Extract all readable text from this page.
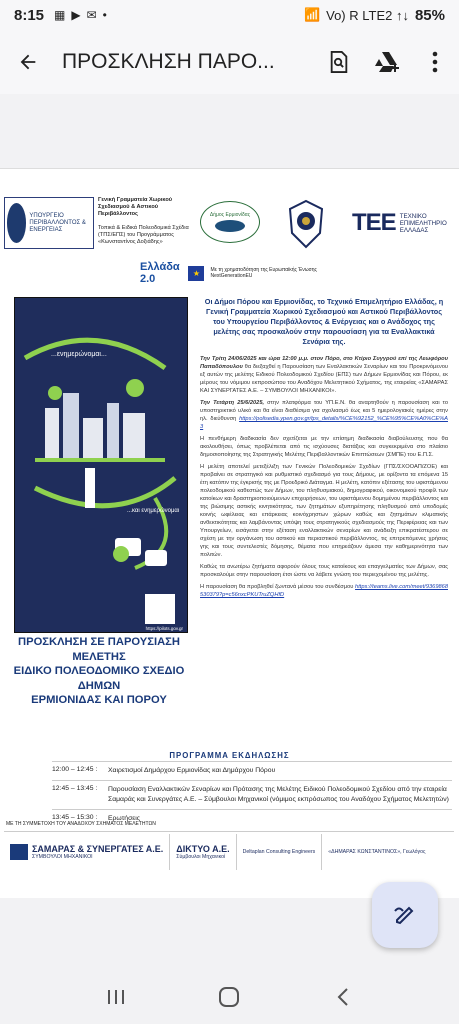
8:15 ▦ ▶ ✉ •	📶 Vo) R LTE2 ↑↓ 85%
ΠΡΟΣΚΛΗΣΗ ΠΑΡΟ...
ΥΠΟΥΡΓΕΙΟ ΠΕΡΙΒΑΛΛΟΝΤΟΣ & ΕΝΕΡΓΕΙΑΣ
Γενική Γραμματεία Χωρικού Σχεδιασμού & Αστικού Περιβάλλοντος

Τοπικά & Ειδικά Πολεοδομικά Σχέδια (ΤΠΣ/ΕΠΣ) του Προγράμματος «Κωνσταντίνος Δοξιάδης»
Δήμος Ερμιονίδας	TEE ΤΕΧΝΙΚΟ ΕΠΙΜΕΛΗΤΗΡΙΟ ΕΛΛΑΔΑΣ
Ελλάδα 2.0	★	Με τη χρηματοδότηση της Ευρωπαϊκής Ένωσης NextGenerationEU
...ενημερώνομαι...
...και ενημερώνομαι
https://pilots.gov.gr
ΠΡΟΣΚΛΗΣΗ ΣΕ ΠΑΡΟΥΣΙΑΣΗ
ΜΕΛΕΤΗΣ
ΕΙΔΙΚΟ ΠΟΛΕΟΔΟΜΙΚΟ ΣΧΕΔΙΟ
ΔΗΜΩΝ
ΕΡΜΙΟΝΙΔΑΣ ΚΑΙ ΠΟΡΟΥ
Οι Δήμοι Πόρου και Ερμιονίδας, το Τεχνικό Επιμελητήριο Ελλάδας, η Γενική Γραμματεία Χωρικού Σχεδιασμού και Αστικού Περιβάλλοντος του Υπουργείου Περιβάλλοντος & Ενέργειας και ο Ανάδοχος της μελέτης σας προσκαλούν στην παρουσίαση για τα Εναλλακτικά Σενάρια της.

Την Τρίτη 24/06/2025 και ώρα 12:00 μ.μ. στον Πόρο, στο Κτίριο Συγγρού επί της Λεωφόρου Παπαδόπουλου θα διεξαχθεί η Παρουσίαση των Εναλλακτικών Σεναρίων και του Προκρινόμενου εξ αυτών της μελέτης Ειδικού Πολεοδομικού Σχεδίου (ΕΠΣ) των Δήμων Ερμιονίδας και Πόρου, εκ μέρους του νόμιμου εκπροσώπου του Αναδόχου Μελετητικού Σχήματος, της εταιρείας «ΣΑΜΑΡΑΣ ΚΑΙ ΣΥΝΕΡΓΑΤΕΣ Α.Ε. – ΣΥΜΒΟΥΛΟΙ ΜΗΧΑΝΙΚΟΙ».

Την Τετάρτη 25/6/2025, στην πλατφόρμα του ΥΠ.Ε.Ν. θα αναρτηθούν η παρουσίαση και το υποστηρικτικό υλικό και θα είναι διαθέσιμα για σχολιασμό έως και 5 ημερολογιακές ημέρες στην ηλ. διεύθυνση https://polisedia.ypen.gov.gr/tps_details/%CE%92152_%CE%95%CE%A0%CE%A3

Η πενθήμερη διαδικασία δεν σχετίζεται με την επίσημη διαδικασία διαβούλευσης που θα ακολουθήσει, όπως προβλέπεται από τις ισχύουσες διατάξεις και συγκεκριμένα στο πλαίσιο δημοσιοποίησης της Στρατηγικής Μελέτης Περιβαλλοντικών Επιπτώσεων (ΣΜΠΕ) του Ε.Π.Σ.

Η μελέτη αποτελεί μετεξέλιξη των Γενικών Πολεοδομικών Σχεδίων (ΓΠΣ/ΣΧΟΟΑΠ/ΖΟΕ) και προβαίνει σε στρατηγικό και ρυθμιστικό σχεδιασμό για τους Δήμους, με ορίζοντα τα επόμενα 15 έτη κατόπιν της έγκρισής της με Προεδρικό Διάταγμα. Η μελέτη, κατόπιν εξέτασης του υφιστάμενου πολεοδομικού καθεστώς των Δήμων, του πληθυσμιακού, δημογραφικού, οικονομικού προφίλ των κατοίκων και δραστηριοποιούμενων επιχειρήσεων, του υφιστάμενου δομημένου περιβάλλοντος και της βιώσιμης αστικής κινητικότητας, των ζητημάτων εξυπηρέτησης πληθυσμού από υποδομές κοινής ωφέλειας και επάρκειας κοινόχρηστων χώρων καθώς και ζητημάτων κλιματικής ανθεκτικότητας και λαμβάνοντας υπόψη τους στρατηγικούς σχεδιασμούς της Περιφέρειας και των Υπουργείων, εισάγεται στην εξέταση εναλλακτικών σεναρίων και ανάδειξη επικρατέστερου σε σχέση με την οργάνωση του αστικού και περιαστικού περιβάλλοντος, τις επιτρεπόμενες χρήσεις γης και τους συντελεστές δόμησης, θέματα που επηρεάζουν άμεσα την καθημερινότητα των πολιτών.

Καθώς τα ανωτέρω ζητήματα αφορούν όλους τους κατοίκους και επαγγελματίες των Δήμων, σας προσκαλούμε στην παρουσίαση έτσι ώστε να λάβετε γνώση του περιεχομένου της μελέτης.

Η παρουσίαση θα προβληθεί ζωντανά μέσου του συνδέσμου https://teams.live.com/meet/9369868530379?p=c56nxcPKUTruZQHfD

ΠΡΟΓΡΑΜΜΑ ΕΚΔΗΛΩΣΗΣ
12:00 – 12:45 :	Χαιρετισμοί Δημάρχου Ερμιονίδας και Δημάρχου Πόρου
12:45 – 13:45 :	Παρουσίαση Εναλλακτικών Σεναρίων και Πρότασης της Μελέτης Ειδικού Πολεοδομικού Σχεδίου από την εταιρεία Σαμαράς και Συνεργάτες Α.Ε. – Σύμβουλοι Μηχανικοί (νόμιμος εκπρόσωπος του Αναδόχου Σχήματος Μελετητών)
13:45 – 15:30 :	Ερωτήσεις
ΜΕ ΤΗ ΣΥΜΜΕΤΟΧΗ ΤΟΥ ΑΝΑΔΟΧΟΥ ΣΧΗΜΑΤΟΣ ΜΕΛΕΤΗΤΩΝ
ΣΑΜΑΡΑΣ & ΣΥΝΕΡΓΑΤΕΣ Α.Ε.
ΣΥΜΒΟΥΛΟΙ ΜΗΧΑΝΙΚΟΙ
ΔΙΚΤΥΟ Α.Ε.
Σύμβουλοι Μηχανικοί
Deltaplan Consulting Engineers	«ΔΗΜΑΡΑΣ ΚΩΝΣΤΑΝΤΙΝΟΣ», Γεωλόγος
